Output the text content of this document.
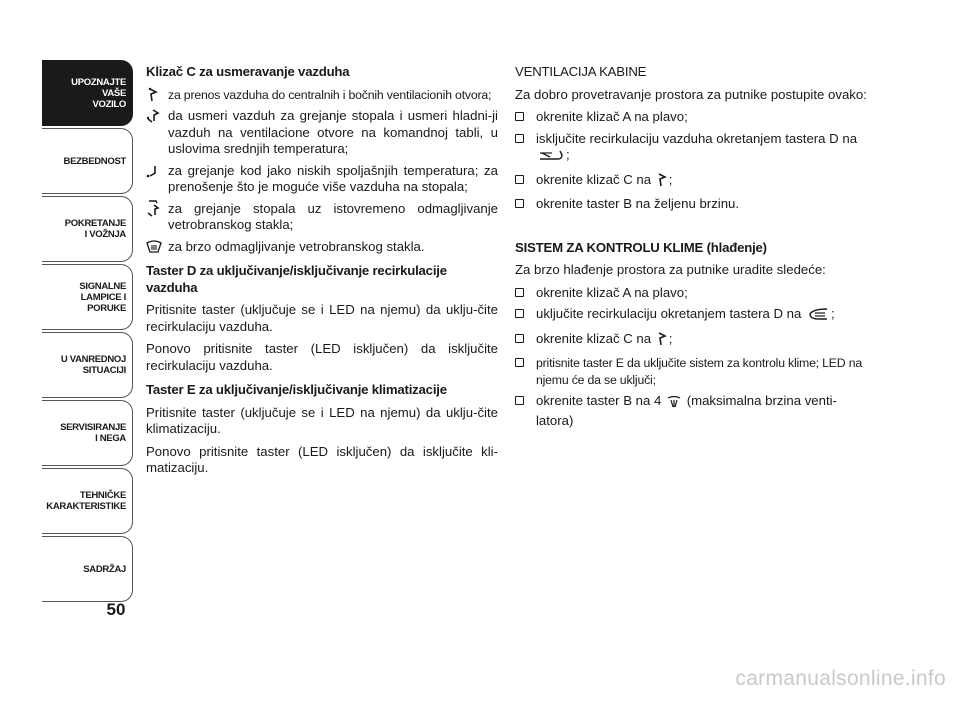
UPOZNAJTE
VAŠE
VOZILO
BEZBEDNOST
POKRETANJE
I VOŽNJA
SIGNALNE
LAMPICE I PORUKE
U VANREDNOJ
SITUACIJI
SERVISIRANJE
I NEGA
TEHNIČKE
KARAKTERISTIKE
SADRŽAJ
50
Klizač C za usmeravanje vazduha
za prenos vazduha do centralnih i bočnih ventilacionih otvora;
da usmeri vazduh za grejanje stopala i usmeri hladni-ji vazduh na ventilacione otvore na komandnoj tabli, u uslovima srednjih temperatura;
za grejanje kod jako niskih spoljašnjih temperatura; za prenošenje što je moguće više vazduha na stopala;
za grejanje stopala uz istovremeno odmagljivanje vetrobranskog stakla;
za brzo odmagljivanje vetrobranskog stakla.
Taster D za uključivanje/isključivanje recirkulacije vazduha

Pritisnite taster (uključuje se i LED na njemu) da uklju-čite recirkulaciju vazduha.

Ponovo pritisnite taster (LED isključen) da isključite recirkulaciju vazduha.

Taster E za uključivanje/isključivanje klimatizacije

Pritisnite taster (uključuje se i LED na njemu) da uklju-čite klimatizaciju.

Ponovo pritisnite taster (LED isključen) da isključite kli-matizaciju.

VENTILACIJA KABINE

Za dobro provetravanje prostora za putnike postupite ovako:

okrenite klizač A na plavo;
isključite recirkulaciju vazduha okretanjem tastera D na ;
okrenite klizač C na ;
okrenite taster B na željenu brzinu.
SISTEM ZA KONTROLU KLIME (hlađenje)

Za brzo hlađenje prostora za putnike uradite sledeće:

okrenite klizač A na plavo;
uključite recirkulaciju okretanjem tastera D na ;
okrenite klizač C na ;
pritisnite taster E da uključite sistem za kontrolu klime; LED na njemu će da se uključi;
okrenite taster B na 4 (maksimalna brzina venti-latora)
carmanualsonline.info
